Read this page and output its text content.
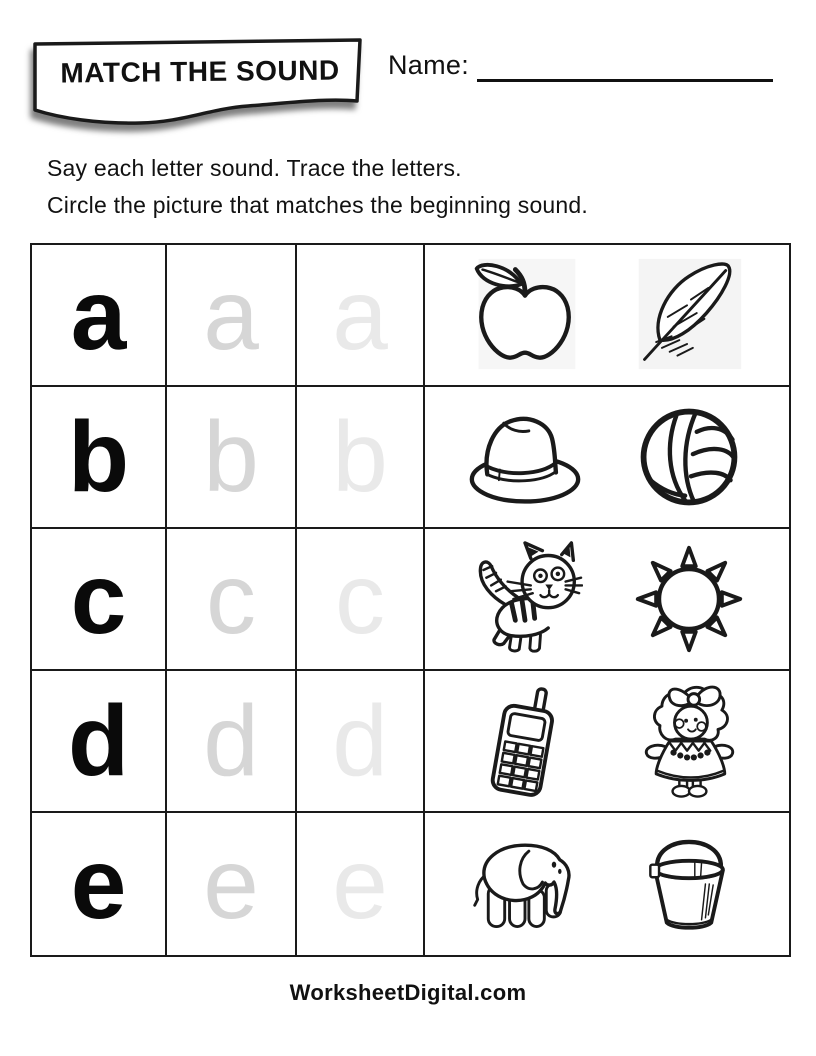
MATCH THE SOUND	Name:
Say each letter sound. Trace the letters.
Circle the picture that matches the beginning sound.
a a a
b b b
c c c
d d d
e e e
WorksheetDigital.com
